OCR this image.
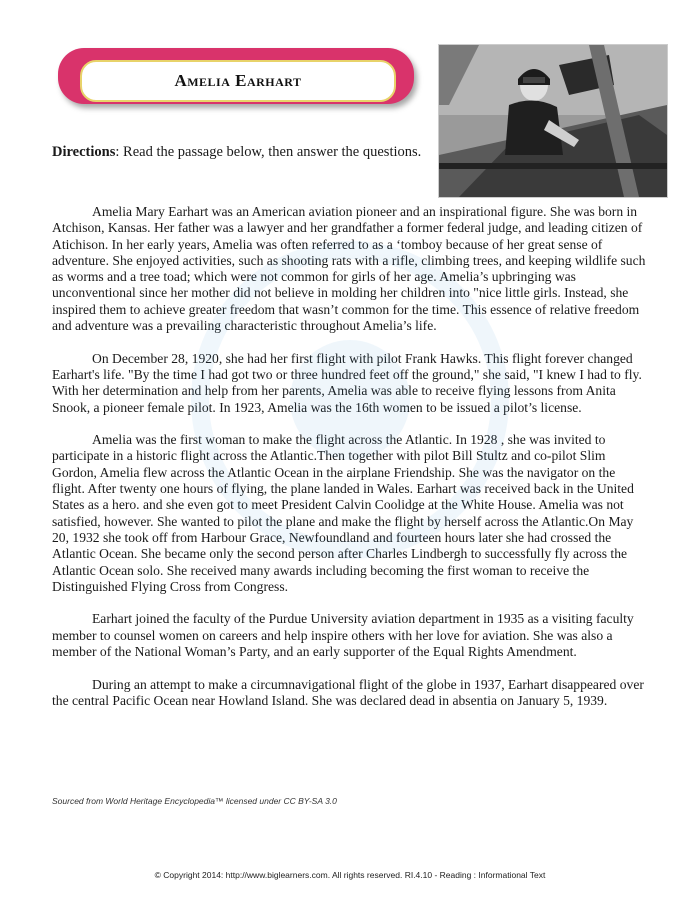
Amelia Earhart
Directions: Read the passage below, then answer the questions.

Amelia Mary Earhart was an American aviation pioneer and an inspirational figure. She was born in Atchison, Kansas. Her father was a lawyer and her grandfather a former federal judge, and leading citizen of Atichison. In her early years, Amelia was often referred to as a ‘tomboy because of her great sense of adventure. She enjoyed activities, such as shooting rats with a rifle, climbing trees, and keeping wildlife such as worms and a tree toad; which were not common for girls of her age. Amelia’s upbringing was unconventional since her mother did not believe in molding her children into "nice little girls. Instead, she inspired them to achieve greater freedom that wasn’t common for the time. This essence of relative freedom and adventure was a prevailing characteristic throughout Amelia’s life.

On December 28, 1920, she had her first flight with pilot Frank Hawks. This flight forever changed Earhart's life. "By the time I had got two or three hundred feet off the ground," she said, "I knew I had to fly. With her determination and help from her parents, Amelia was able to receive flying lessons from Anita Snook, a pioneer female pilot. In 1923, Amelia was the 16th women to be issued a pilot’s license.

Amelia was the first woman to make the flight across the Atlantic. In 1928 , she was invited to participate in a historic flight across the Atlantic.Then together with pilot Bill Stultz and co-pilot Slim Gordon, Amelia flew across the Atlantic Ocean in the airplane Friendship. She was the navigator on the flight. After twenty one hours of flying, the plane landed in Wales. Earhart was received back in the United States as a hero. and she even got to meet President Calvin Coolidge at the White House. Amelia was not satisfied, however. She wanted to pilot the plane and make the flight by herself across the Atlantic.On May 20, 1932 she took off from Harbour Grace, Newfoundland and fourteen hours later she had crossed the Atlantic Ocean. She became only the second person after Charles Lindbergh to successfully fly across the Atlantic Ocean solo. She received many awards including becoming the first woman to receive the Distinguished Flying Cross from Congress.

Earhart joined the faculty of the Purdue University aviation department in 1935 as a visiting faculty member to counsel women on careers and help inspire others with her love for aviation. She was also a member of the National Woman’s Party, and an early supporter of the Equal Rights Amendment.

During an attempt to make a circumnavigational flight of the globe in 1937, Earhart disappeared over the central Pacific Ocean near Howland Island. She was declared dead in absentia on January 5, 1939.

Sourced from World Heritage Encyclopedia™ licensed under CC BY-SA 3.0
© Copyright 2014: http://www.biglearners.com. All rights reserved. RI.4.10 - Reading : Informational Text
